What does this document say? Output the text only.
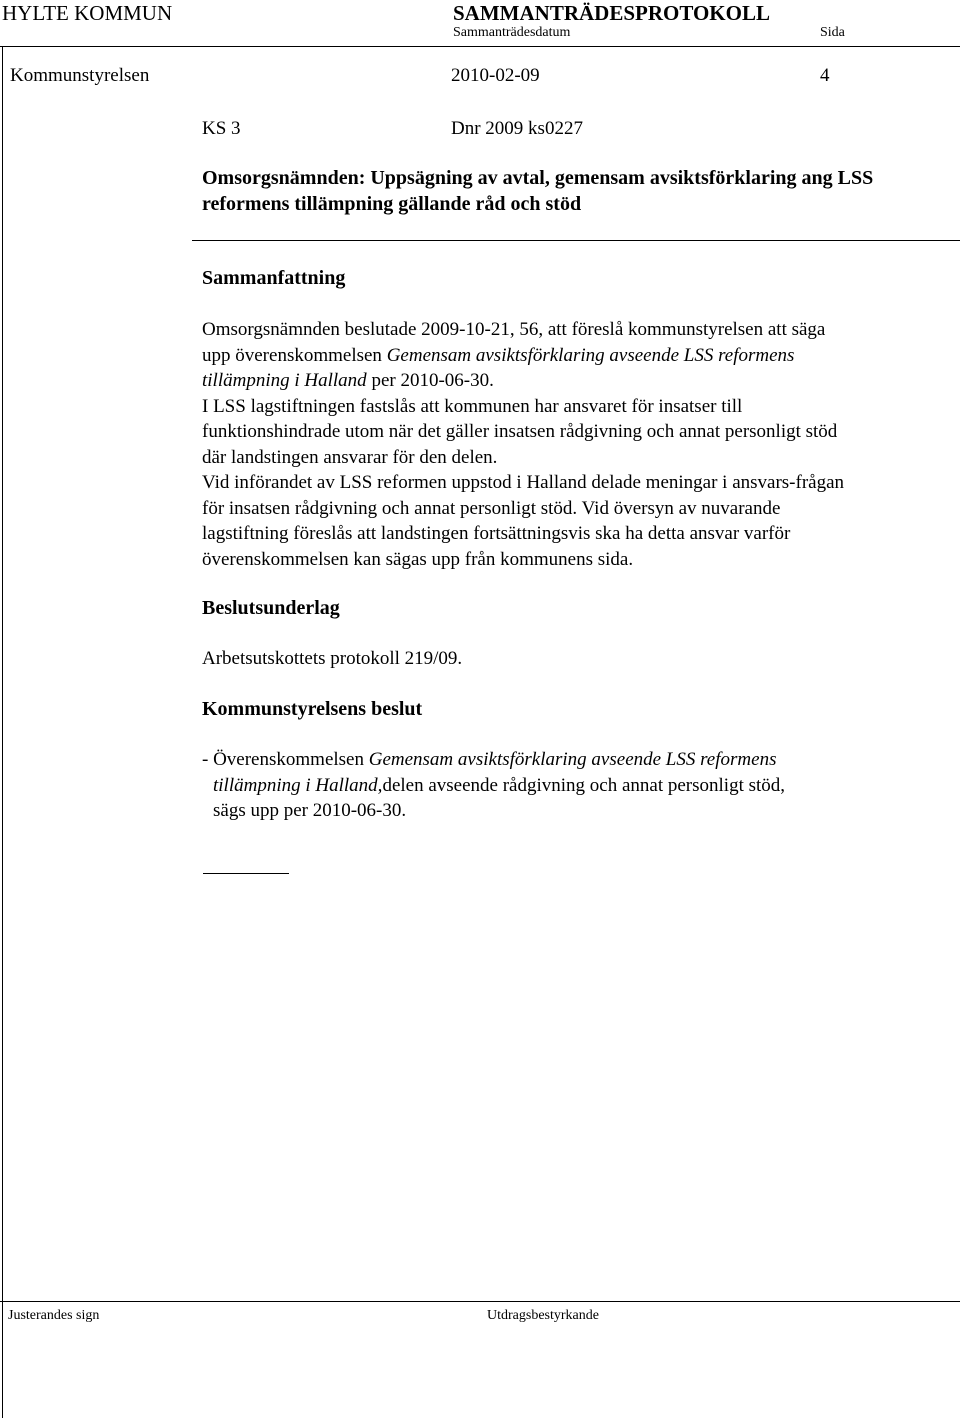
HYLTE KOMMUN	SAMMANTRÄDESPROTOKOLL
Sammanträdesdatum	Sida
Kommunstyrelsen	2010-02-09	4
KS 3	Dnr 2009 ks0227
Omsorgsnämnden: Uppsägning av avtal, gemensam avsiktsförklaring ang LSS
reformens tillämpning gällande råd och stöd
Sammanfattning
Omsorgsnämnden beslutade 2009-10-21, 56, att föreslå kommunstyrelsen att säga
upp överenskommelsen Gemensam avsiktsförklaring avseende LSS reformens
tillämpning i Halland per 2010-06-30.
I LSS lagstiftningen fastslås att kommunen har ansvaret för insatser till
funktionshindrade utom när det gäller insatsen rådgivning och annat personligt stöd
där landstingen ansvarar för den delen.
Vid införandet av LSS reformen uppstod i Halland delade meningar i ansvars-frågan
för insatsen rådgivning och annat personligt stöd. Vid översyn av nuvarande
lagstiftning föreslås att landstingen fortsättningsvis ska ha detta ansvar varför
överenskommelsen kan sägas upp från kommunens sida.
Beslutsunderlag
Arbetsutskottets protokoll 219/09.
Kommunstyrelsens beslut
- Överenskommelsen Gemensam avsiktsförklaring avseende LSS reformens
tillämpning i Halland,delen avseende rådgivning och annat personligt stöd,
sägs upp per 2010-06-30.
Justerandes sign	Utdragsbestyrkande
